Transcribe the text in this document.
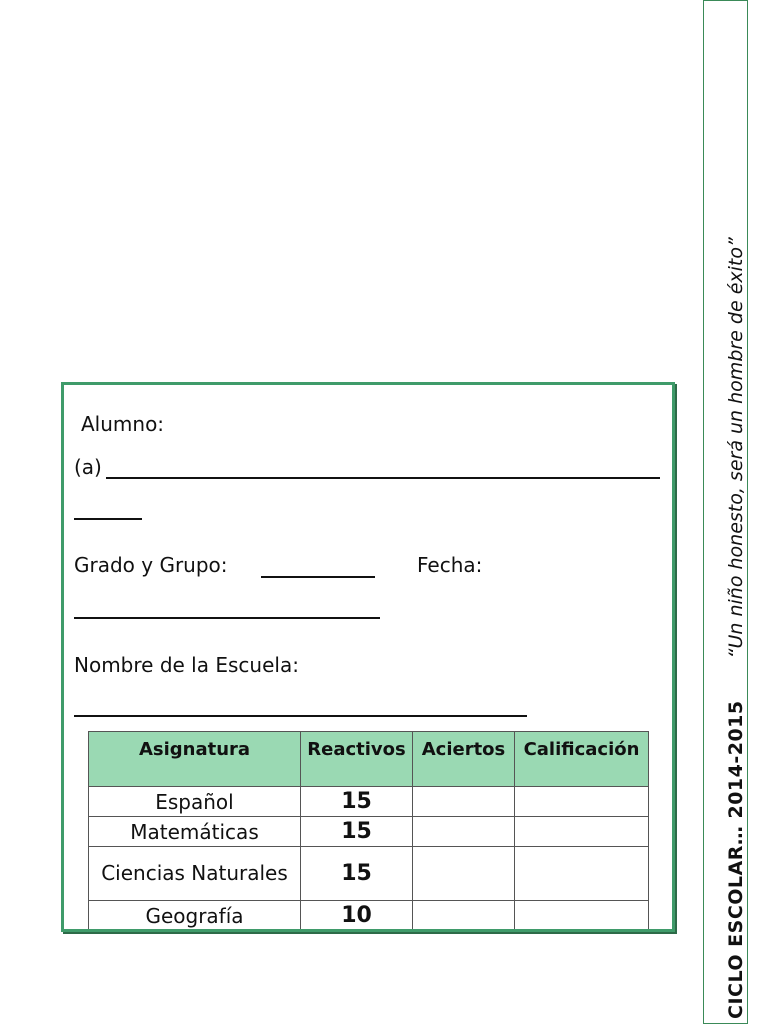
CICLO ESCOLAR… 2014-2015
“Un niño honesto, será un hombre de éxito”
Alumno:
(a)
Grado y Grupo:	Fecha:
Nombre de la Escuela:
Asignatura	Reactivos	Aciertos	Calificación
Español	15		
Matemáticas	15		
Ciencias Naturales	15		
Geografía	10		
